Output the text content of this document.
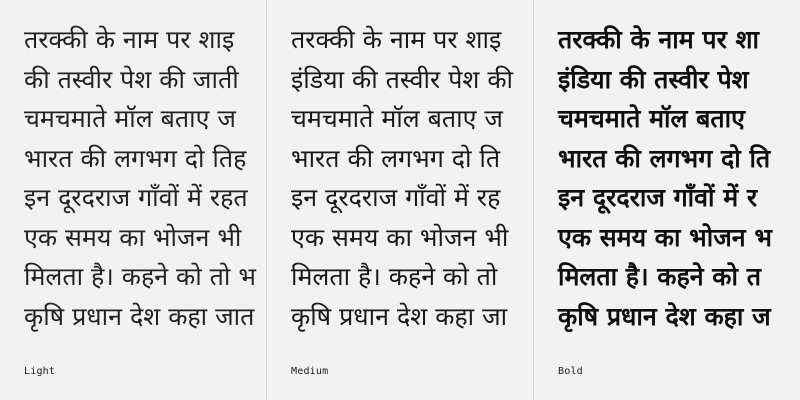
तरक्की के नाम पर शाइ
की तस्वीर पेश की जाती
चमचमाते मॉल बताए ज
भारत की लगभग दो तिह
इन दूरदराज गाँवों में रहत
एक समय का भोजन भी
मिलता है। कहने को तो भ
कृषि प्रधान देश कहा जात
Light
तरक्की के नाम पर शाइ
इंडिया की तस्वीर पेश की
चमचमाते मॉल बताए ज
भारत की लगभग दो ति
इन दूरदराज गाँवों में रह
एक समय का भोजन भी
मिलता है। कहने को तो
कृषि प्रधान देश कहा जा
Medium
तरक्की के नाम पर शा
इंडिया की तस्वीर पेश
चमचमाते मॉल बताए
भारत की लगभग दो ति
इन दूरदराज गाँवों में र
एक समय का भोजन भ
मिलता है। कहने को त
कृषि प्रधान देश कहा ज
Bold
